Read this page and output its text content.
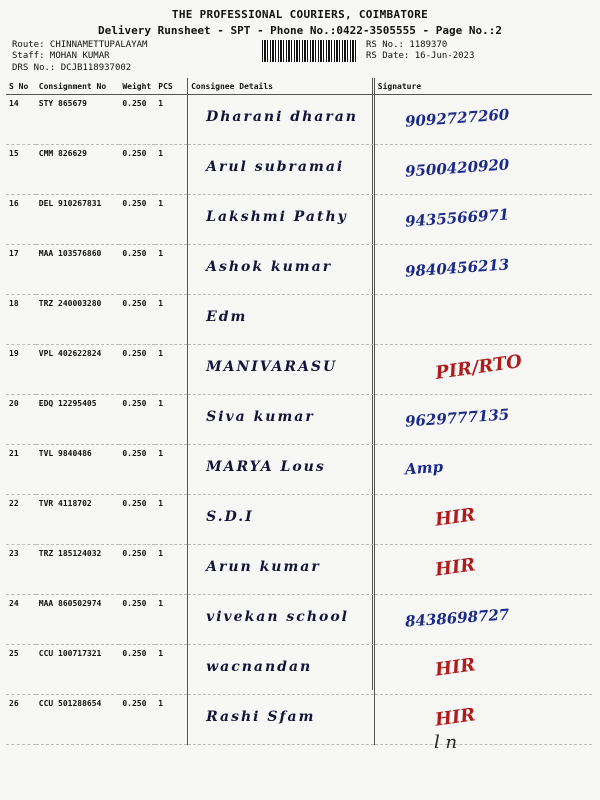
THE PROFESSIONAL COURIERS, COIMBATORE
Delivery Runsheet - SPT - Phone No.:0422-3505555 - Page No.:2
Route: CHINNAMETTUPALAYAM
Staff: MOHAN KUMAR
DRS No.: DCJB118937002
RS No.: 1189370
RS Date: 16-Jun-2023
S No	Consignment No	Weight	PCS	Consignee Details	Signature
14	STY 865679	0.250	1	Dharani dharan	9092727260

15	CMM 826629	0.250	1	Arul subramai	9500420920

16	DEL 910267831	0.250	1	Lakshmi Pathy	9435566971

17	MAA 103576860	0.250	1	Ashok kumar	9840456213

18	TRZ 240003280	0.250	1	Edm	

19	VPL 402622824	0.250	1	MANIVARASU	PIR/RTO

20	EDQ 12295405	0.250	1	Siva kumar	9629777135

21	TVL 9840486	0.250	1	MARYA Lous	Amp

22	TVR 4118702	0.250	1	S.D.I	HIR

23	TRZ 185124032	0.250	1	Arun kumar	HIR

24	MAA 860502974	0.250	1	vivekan school	8438698727

25	CCU 100717321	0.250	1	wacnandan	HIR

26	CCU 501288654	0.250	1	Rashi Sfam	HIR
l n
